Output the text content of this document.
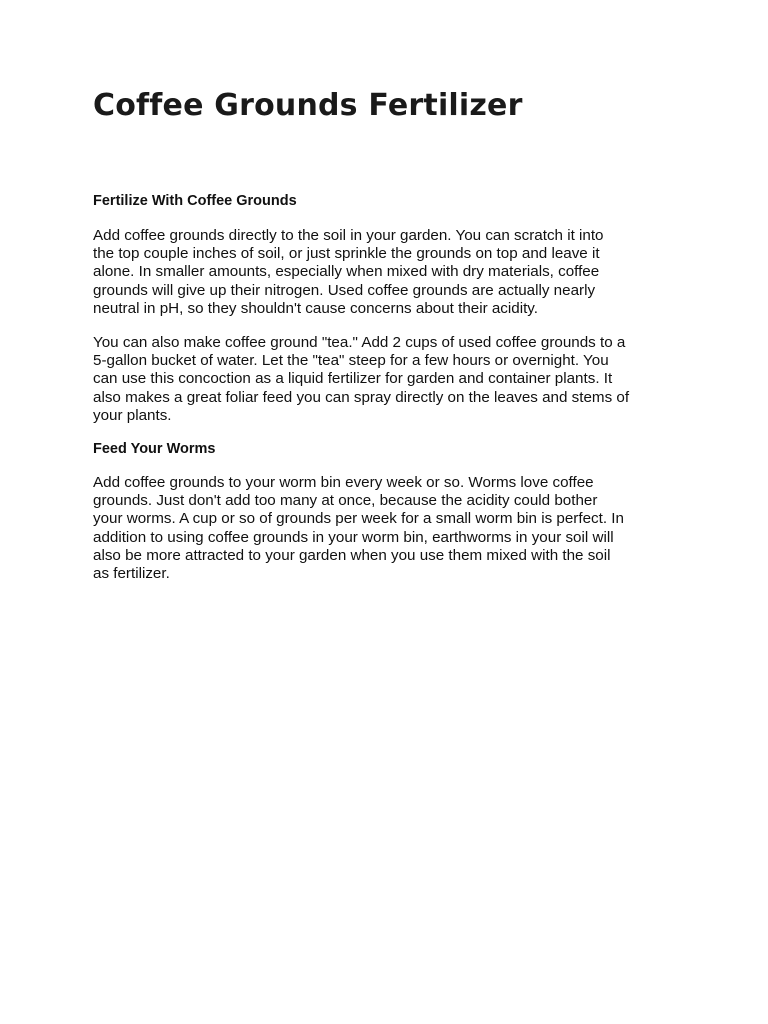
Coffee Grounds Fertilizer
Fertilize With Coffee Grounds

Add coffee grounds directly to the soil in your garden. You can scratch it into
the top couple inches of soil, or just sprinkle the grounds on top and leave it
alone. In smaller amounts, especially when mixed with dry materials, coffee
grounds will give up their nitrogen. Used coffee grounds are actually nearly
neutral in pH, so they shouldn't cause concerns about their acidity.

You can also make coffee ground "tea." Add 2 cups of used coffee grounds to a
5-gallon bucket of water. Let the "tea" steep for a few hours or overnight. You
can use this concoction as a liquid fertilizer for garden and container plants. It
also makes a great foliar feed you can spray directly on the leaves and stems of
your plants.

Feed Your Worms

Add coffee grounds to your worm bin every week or so. Worms love coffee
grounds. Just don't add too many at once, because the acidity could bother
your worms. A cup or so of grounds per week for a small worm bin is perfect. In
addition to using coffee grounds in your worm bin, earthworms in your soil will
also be more attracted to your garden when you use them mixed with the soil
as fertilizer.
